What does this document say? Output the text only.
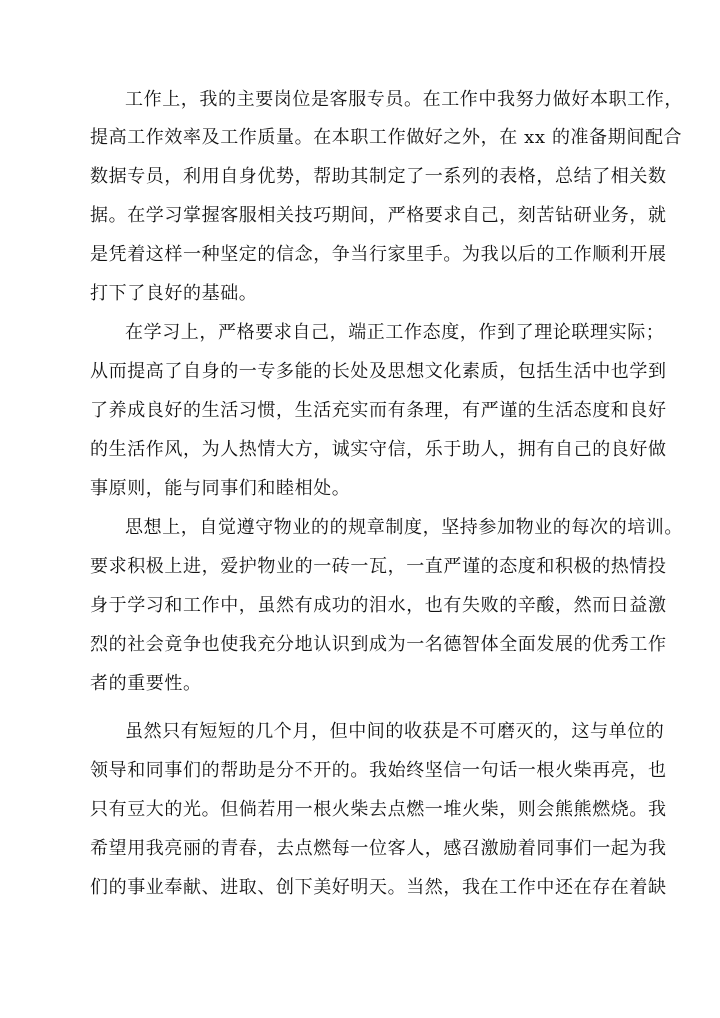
工作上，我的主要岗位是客服专员。在工作中我努力做好本职工作，
提高工作效率及工作质量。在本职工作做好之外，在 xx 的准备期间配合
数据专员，利用自身优势，帮助其制定了一系列的表格，总结了相关数
据。在学习掌握客服相关技巧期间，严格要求自己，刻苦钻研业务，就
是凭着这样一种坚定的信念，争当行家里手。为我以后的工作顺利开展
打下了良好的基础。
在学习上，严格要求自己，端正工作态度，作到了理论联理实际；
从而提高了自身的一专多能的长处及思想文化素质，包括生活中也学到
了养成良好的生活习惯，生活充实而有条理，有严谨的生活态度和良好
的生活作风，为人热情大方，诚实守信，乐于助人，拥有自己的良好做
事原则，能与同事们和睦相处。
思想上，自觉遵守物业的的规章制度，坚持参加物业的每次的培训。
要求积极上进，爱护物业的一砖一瓦，一直严谨的态度和积极的热情投
身于学习和工作中，虽然有成功的泪水，也有失败的辛酸，然而日益激
烈的社会竟争也使我充分地认识到成为一名德智体全面发展的优秀工作
者的重要性。
虽然只有短短的几个月，但中间的收获是不可磨灭的，这与单位的
领导和同事们的帮助是分不开的。我始终坚信一句话一根火柴再亮，也
只有豆大的光。但倘若用一根火柴去点燃一堆火柴，则会熊熊燃烧。我
希望用我亮丽的青春，去点燃每一位客人，感召激励着同事们一起为我
们的事业奉献、进取、创下美好明天。当然，我在工作中还在存在着缺
